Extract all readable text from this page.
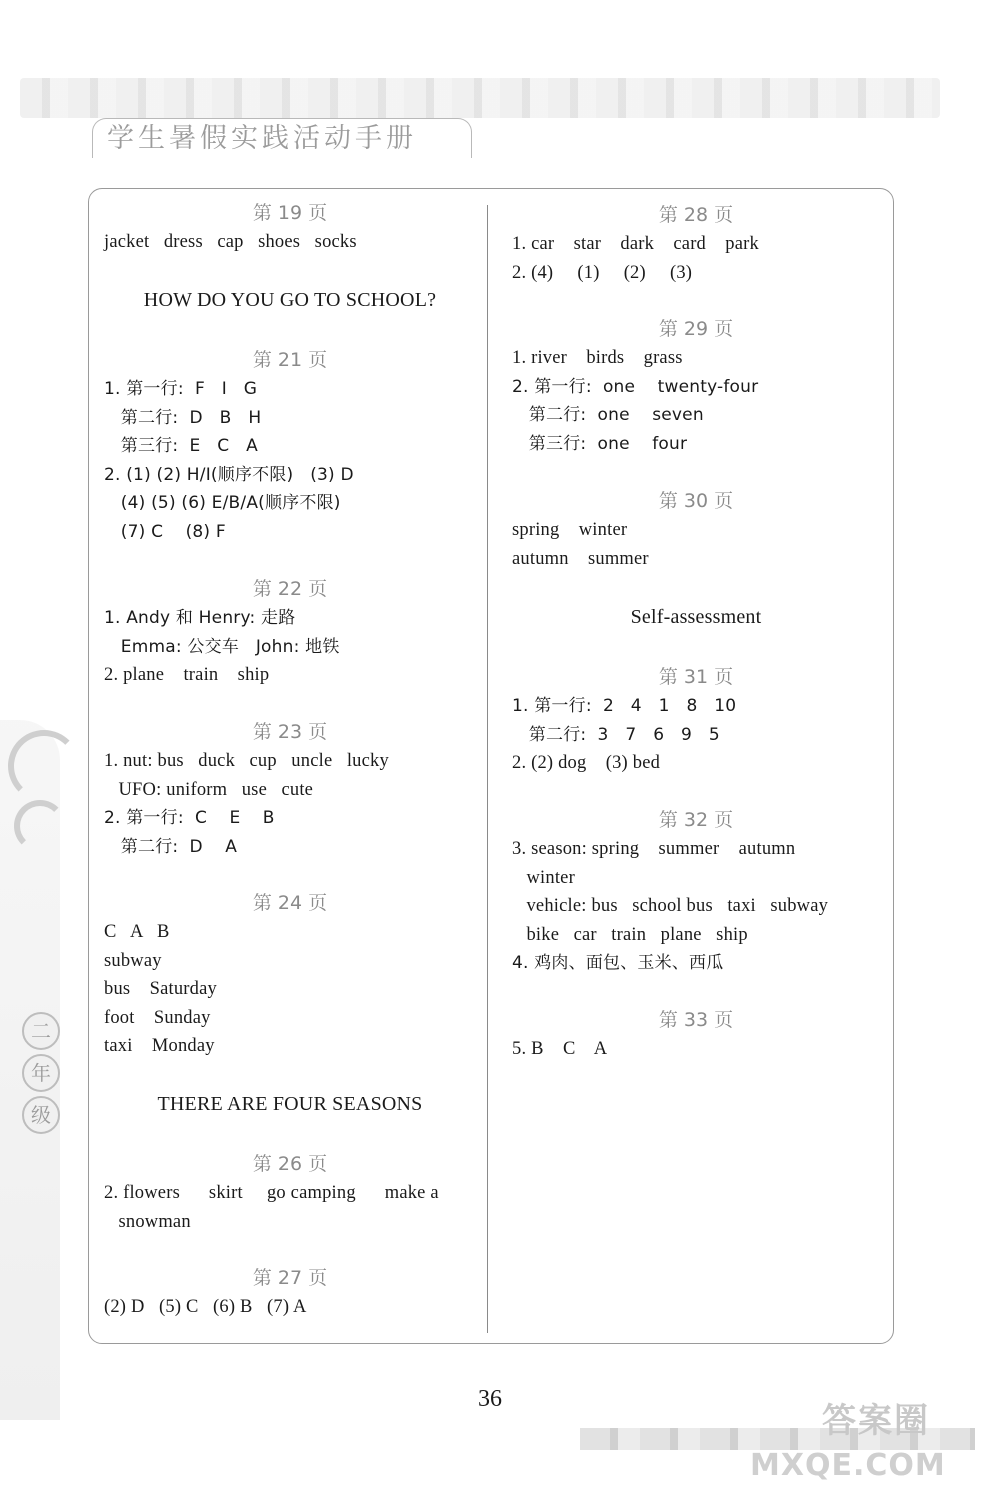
学生暑假实践活动手册
二
年
级
第 19 页
jacket   dress   cap   shoes   socks
HOW DO YOU GO TO SCHOOL?
第 21 页
1. 第一行:  F   I   G
第二行:  D   B   H
第三行:  E   C   A
2. (1) (2) H/I(顺序不限)   (3) D
(4) (5) (6) E/B/A(顺序不限)
(7) C    (8) F
第 22 页
1. Andy 和 Henry: 走路
Emma: 公交车   John: 地铁
2. plane    train    ship
第 23 页
1. nut: bus   duck   cup   uncle   lucky
UFO: uniform   use   cute
2. 第一行:  C    E    B
第二行:  D    A
第 24 页
C   A   B
subway
bus    Saturday
foot    Sunday
taxi    Monday
THERE ARE FOUR SEASONS
第 26 页
2. flowers      skirt     go camping      make a
snowman
第 27 页
(2) D   (5) C   (6) B   (7) A
第 28 页
1. car    star    dark    card    park
2. (4)     (1)     (2)     (3)
第 29 页
1. river    birds    grass
2. 第一行:  one    twenty-four
第二行:  one    seven
第三行:  one    four
第 30 页
spring    winter
autumn    summer
Self-assessment
第 31 页
1. 第一行:  2   4   1   8   10
第二行:  3   7   6   9   5
2. (2) dog    (3) bed
第 32 页
3. season: spring    summer    autumn
winter
vehicle: bus   school bus   taxi   subway
bike   car   train   plane   ship
4. 鸡肉、面包、玉米、西瓜
第 33 页
5. B    C    A
36
答案圈
MXQE.COM
